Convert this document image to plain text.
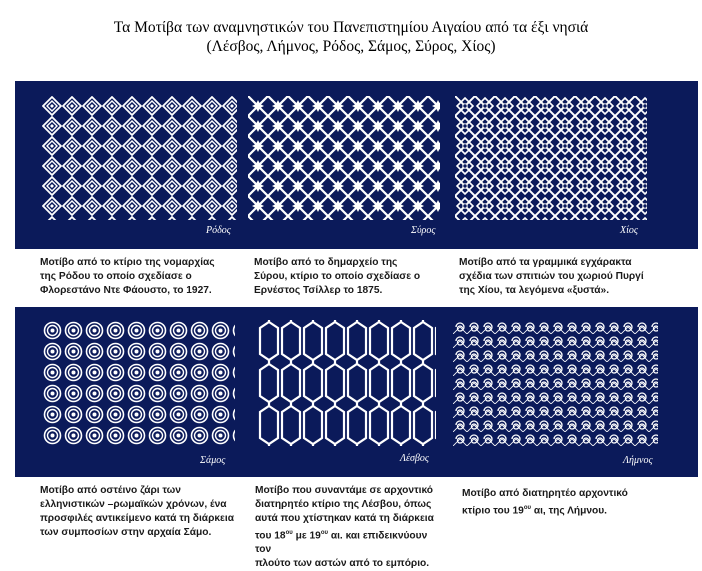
Τα Μοτίβα των αναμνηστικών του Πανεπιστημίου Αιγαίου από τα έξι νησιά
(Λέσβος, Λήμνος, Ρόδος, Σάμος, Σύρος, Χίος)
Ρόδος	Σύρος	Χίος
Μοτίβο από το κτίριο της νομαρχίας
της Ρόδου το οποίο σχεδίασε ο
Φλορεστάνο Ντε Φάουστο, το 1927.
Μοτίβο από το δημαρχείο της
Σύρου, κτίριο το οποίο σχεδίασε ο
Ερνέστος Τσίλλερ το 1875.
Μοτίβο από τα γραμμικά εγχάρακτα
σχέδια των σπιτιών του χωριού Πυργί
της Χίου, τα λεγόμενα «ξυστά».
Σάμος	Λέσβος	Λήμνος
Μοτίβο από οστέινο ζάρι των
ελληνιστικών –ρωμαϊκών χρόνων, ένα
προσφιλές αντικείμενο κατά τη διάρκεια
των συμποσίων στην αρχαία Σάμο.
Μοτίβο που συναντάμε σε αρχοντικό
διατηρητέο κτίριο της Λέσβου, όπως
αυτά που χτίστηκαν κατά τη διάρκεια
του $18^{o\upsilon}$ με $19^{o\upsilon}$ αι. και επιδεικνύουν τον
πλούτο των αστών από το εμπόριο.
Μοτίβο από διατηρητέο αρχοντικό
κτίριο του $19^{o\upsilon}$ αι, της Λήμνου.
